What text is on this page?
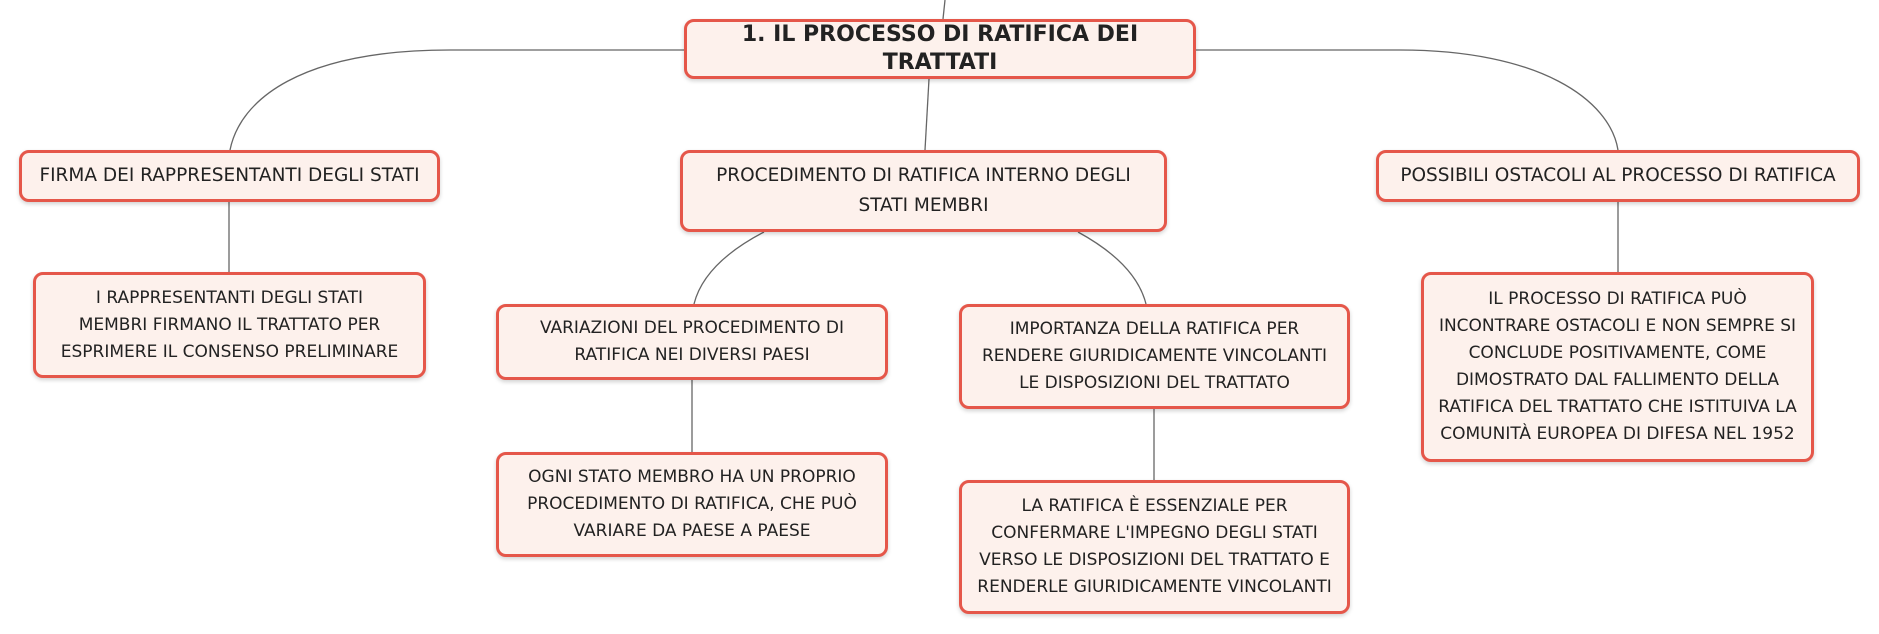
1. IL PROCESSO DI RATIFICA DEI TRATTATI
FIRMA DEI RAPPRESENTANTI DEGLI STATI	PROCEDIMENTO DI RATIFICA INTERNO DEGLI STATI MEMBRI
POSSIBILI OSTACOLI AL PROCESSO DI RATIFICA
I RAPPRESENTANTI DEGLI STATI MEMBRI FIRMANO IL TRATTATO PER ESPRIMERE IL CONSENSO PRELIMINARE
VARIAZIONI DEL PROCEDIMENTO DI RATIFICA NEI DIVERSI PAESI
IMPORTANZA DELLA RATIFICA PER RENDERE GIURIDICAMENTE VINCOLANTI LE DISPOSIZIONI DEL TRATTATO
OGNI STATO MEMBRO HA UN PROPRIO PROCEDIMENTO DI RATIFICA, CHE PUÒ VARIARE DA PAESE A PAESE
LA RATIFICA È ESSENZIALE PER CONFERMARE L'IMPEGNO DEGLI STATI VERSO LE DISPOSIZIONI DEL TRATTATO E RENDERLE GIURIDICAMENTE VINCOLANTI
IL PROCESSO DI RATIFICA PUÒ INCONTRARE OSTACOLI E NON SEMPRE SI CONCLUDE POSITIVAMENTE, COME DIMOSTRATO DAL FALLIMENTO DELLA RATIFICA DEL TRATTATO CHE ISTITUIVA LA COMUNITÀ EUROPEA DI DIFESA NEL 1952
